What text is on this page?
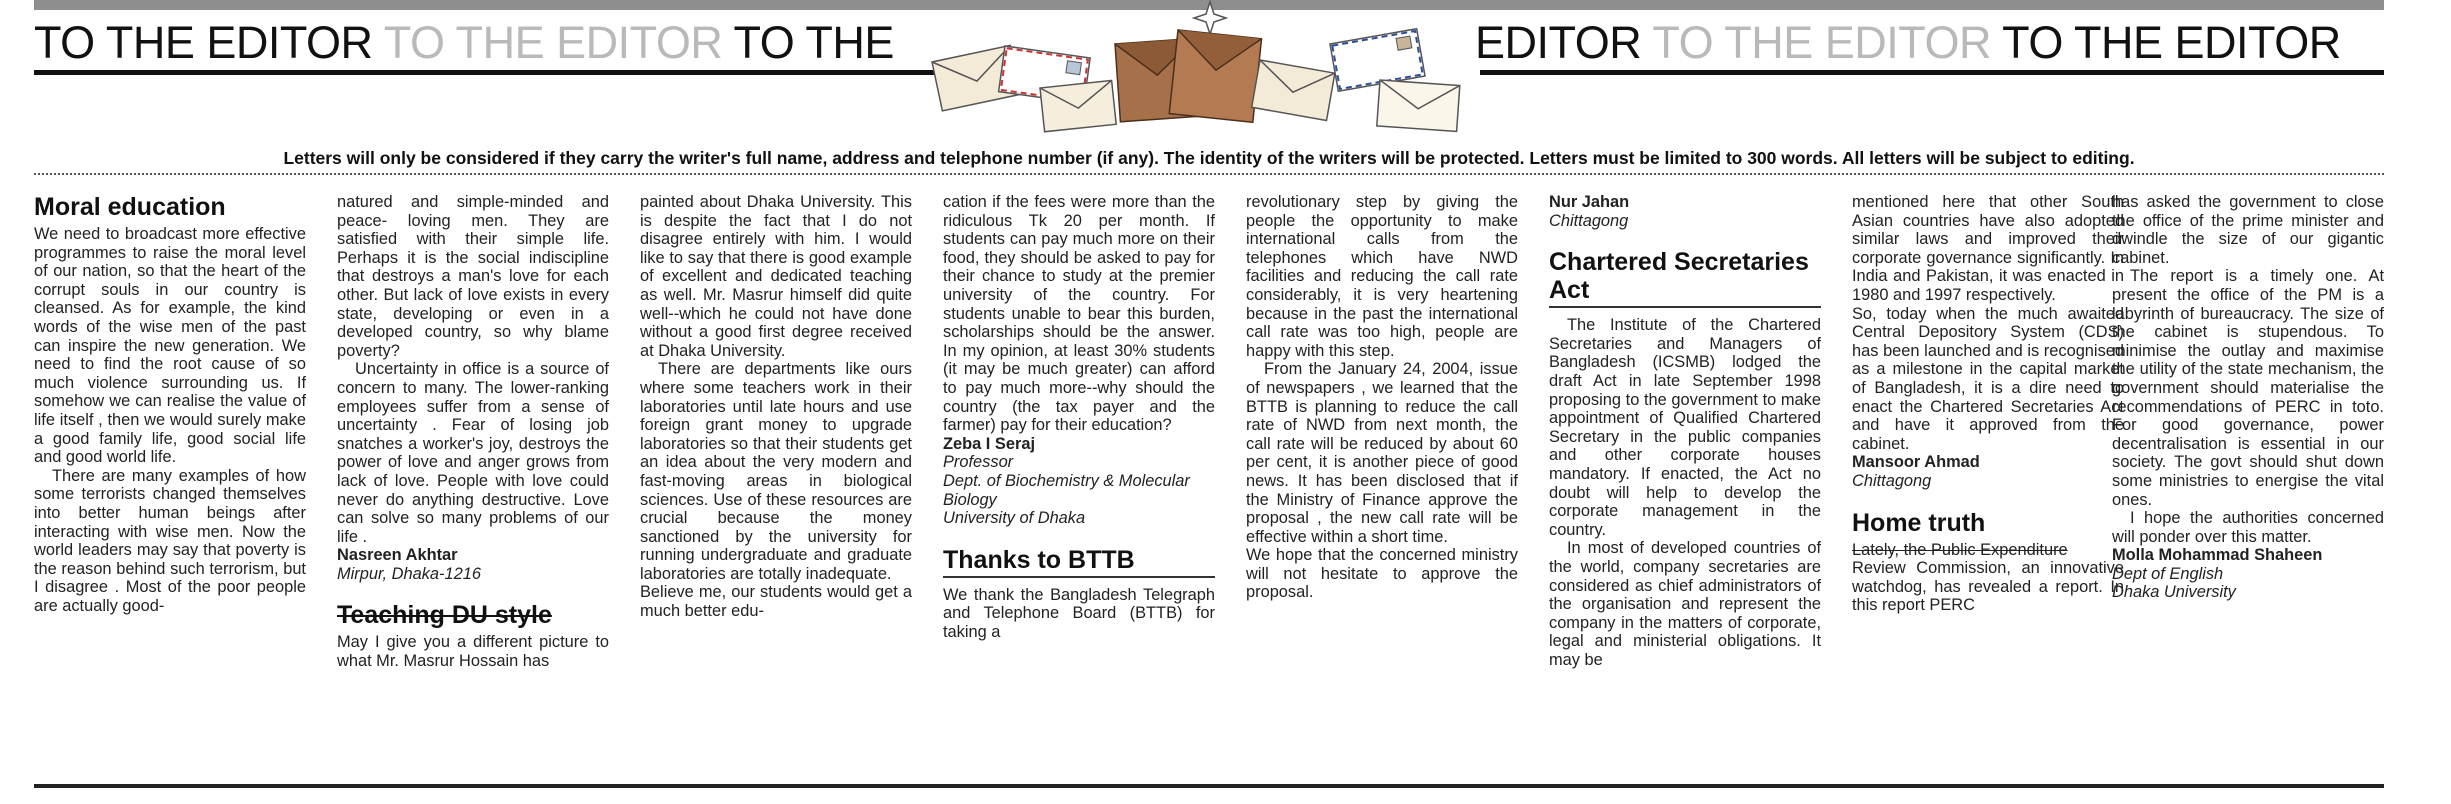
TO THE EDITOR TO THE EDITOR TO THE	EDITOR TO THE EDITOR TO THE EDITOR
Letters will only be considered if they carry the writer's full name, address and telephone number (if any). The identity of the writers will be protected. Letters must be limited to 300 words. All letters will be subject to editing.
Moral education

We need to broadcast more effective programmes to raise the moral level of our nation, so that the heart of the corrupt souls in our country is cleansed. As for example, the kind words of the wise men of the past can inspire the new generation. We need to find the root cause of so much violence surrounding us. If somehow we can realise the value of life itself , then we would surely make a good family life, good social life and good world life.

There are many examples of how some terrorists changed themselves into better human beings after interacting with wise men. Now the world leaders may say that poverty is the reason behind such terrorism, but I disagree . Most of the poor people are actually good-

natured and simple-minded and peace- loving men. They are satisfied with their simple life. Perhaps it is the social indiscipline that destroys a man's love for each other. But lack of love exists in every state, developing or even in a developed country, so why blame poverty?

Uncertainty in office is a source of concern to many. The lower-ranking employees suffer from a sense of uncertainty . Fear of losing job snatches a worker's joy, destroys the power of love and anger grows from lack of love. People with love could never do anything destructive. Love can solve so many problems of our life .

Nasreen Akhtar
Mirpur, Dhaka-1216
Teaching DU style

May I give you a different picture to what Mr. Masrur Hossain has

painted about Dhaka University. This is despite the fact that I do not disagree entirely with him. I would like to say that there is good example of excellent and dedicated teaching as well. Mr. Masrur himself did quite well--which he could not have done without a good first degree received at Dhaka University.

There are departments like ours where some teachers work in their laboratories until late hours and use foreign grant money to upgrade laboratories so that their students get an idea about the very modern and fast-moving areas in biological sciences. Use of these resources are crucial because the money sanctioned by the university for running undergraduate and graduate laboratories are totally inadequate.

Believe me, our students would get a much better edu-

cation if the fees were more than the ridiculous Tk 20 per month. If students can pay much more on their food, they should be asked to pay for their chance to study at the premier university of the country. For students unable to bear this burden, scholarships should be the answer. In my opinion, at least 30% students (it may be much greater) can afford to pay much more--why should the country (the tax payer and the farmer) pay for their education?

Zeba I Seraj
Professor
Dept. of Biochemistry & Molecular Biology
University of Dhaka
Thanks to BTTB

We thank the Bangladesh Telegraph and Telephone Board (BTTB) for taking a

revolutionary step by giving the people the opportunity to make international calls from the telephones which have NWD facilities and reducing the call rate considerably, it is very heartening because in the past the international call rate was too high, people are happy with this step.

From the January 24, 2004, issue of newspapers , we learned that the BTTB is planning to reduce the call rate of NWD from next month, the call rate will be reduced by about 60 per cent, it is another piece of good news. It has been disclosed that if the Ministry of Finance approve the proposal , the new call rate will be effective within a short time.

We hope that the concerned ministry will not hesitate to approve the proposal.

Nur Jahan
Chittagong
Chartered Secretaries Act

The Institute of the Chartered Secretaries and Managers of Bangladesh (ICSMB) lodged the draft Act in late September 1998 proposing to the government to make appointment of Qualified Chartered Secretary in the public companies and other corporate houses mandatory. If enacted, the Act no doubt will help to develop the corporate management in the country.

In most of developed countries of the world, company secretaries are considered as chief administrators of the organisation and represent the company in the matters of corporate, legal and ministerial obligations. It may be

mentioned here that other South Asian countries have also adopted similar laws and improved their corporate governance significantly. In India and Pakistan, it was enacted in 1980 and 1997 respectively.

So, today when the much awaited Central Depository System (CDS) has been launched and is recognised as a milestone in the capital market of Bangladesh, it is a dire need to enact the Chartered Secretaries Act and have it approved from the cabinet.

Mansoor Ahmad
Chittagong
Home truth

Lately, the Public Expenditure

Review Commission, an innovative watchdog, has revealed a report. In this report PERC

has asked the government to close the office of the prime minister and dwindle the size of our gigantic cabinet.

The report is a timely one. At present the office of the PM is a labyrinth of bureaucracy. The size of the cabinet is stupendous. To minimise the outlay and maximise the utility of the state mechanism, the government should materialise the recommendations of PERC in toto. For good governance, power decentralisation is essential in our society. The govt should shut down some ministries to energise the vital ones.

I hope the authorities concerned will ponder over this matter.

Molla Mohammad Shaheen
Dept of English
Dhaka University
